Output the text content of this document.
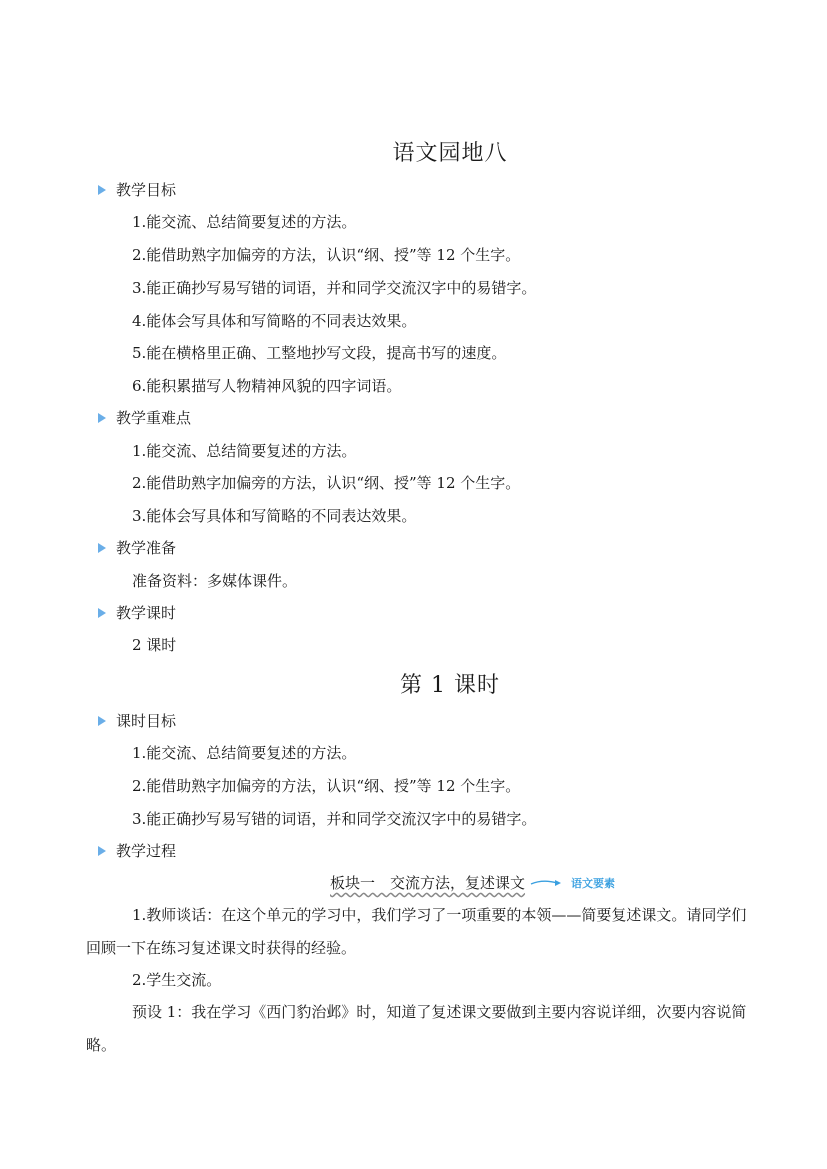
语文园地八
教学目标
1.能交流、总结简要复述的方法。
2.能借助熟字加偏旁的方法，认识“纲、授”等 12 个生字。
3.能正确抄写易写错的词语，并和同学交流汉字中的易错字。
4.能体会写具体和写简略的不同表达效果。
5.能在横格里正确、工整地抄写文段，提高书写的速度。
6.能积累描写人物精神风貌的四字词语。
教学重难点
1.能交流、总结简要复述的方法。
2.能借助熟字加偏旁的方法，认识“纲、授”等 12 个生字。
3.能体会写具体和写简略的不同表达效果。
教学准备
准备资料：多媒体课件。
教学课时
2 课时
第 1 课时
课时目标
1.能交流、总结简要复述的方法。
2.能借助熟字加偏旁的方法，认识“纲、授”等 12 个生字。
3.能正确抄写易写错的词语，并和同学交流汉字中的易错字。
教学过程
板块一　交流方法，复述课文	语文要素
1.教师谈话：在这个单元的学习中，我们学习了一项重要的本领——简要复述课文。请同学们回顾一下在练习复述课文时获得的经验。
2.学生交流。
预设 1：我在学习《西门豹治邺》时，知道了复述课文要做到主要内容说详细，次要内容说简略。
